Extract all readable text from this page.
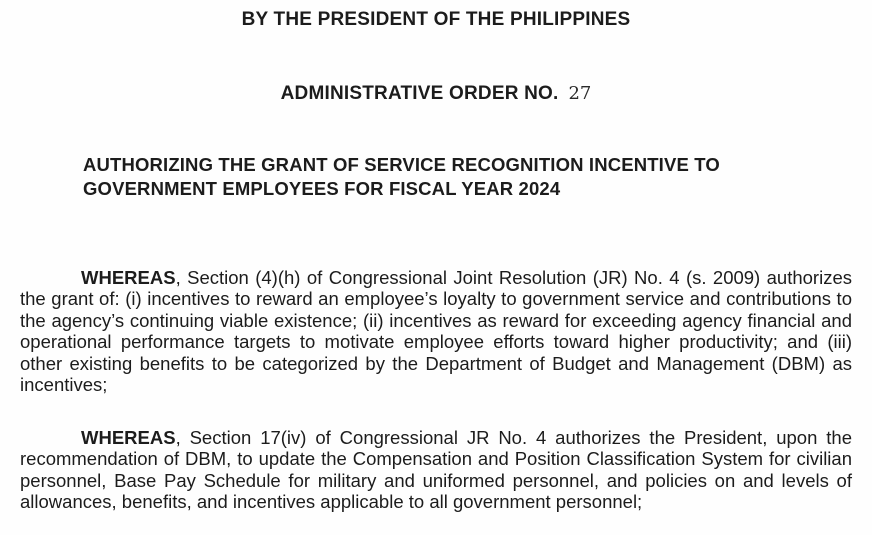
BY THE PRESIDENT OF THE PHILIPPINES
ADMINISTRATIVE ORDER NO. 27
AUTHORIZING THE GRANT OF SERVICE RECOGNITION INCENTIVE TO GOVERNMENT EMPLOYEES FOR FISCAL YEAR 2024

WHEREAS, Section (4)(h) of Congressional Joint Resolution (JR) No. 4 (s. 2009) authorizes the grant of: (i) incentives to reward an employee’s loyalty to government service and contributions to the agency’s continuing viable existence; (ii) incentives as reward for exceeding agency financial and operational performance targets to motivate employee efforts toward higher productivity; and (iii) other existing benefits to be categorized by the Department of Budget and Management (DBM) as incentives;

WHEREAS, Section 17(iv) of Congressional JR No. 4 authorizes the President, upon the recommendation of DBM, to update the Compensation and Position Classification System for civilian personnel, Base Pay Schedule for military and uniformed personnel, and policies on and levels of allowances, benefits, and incentives applicable to all government personnel;
